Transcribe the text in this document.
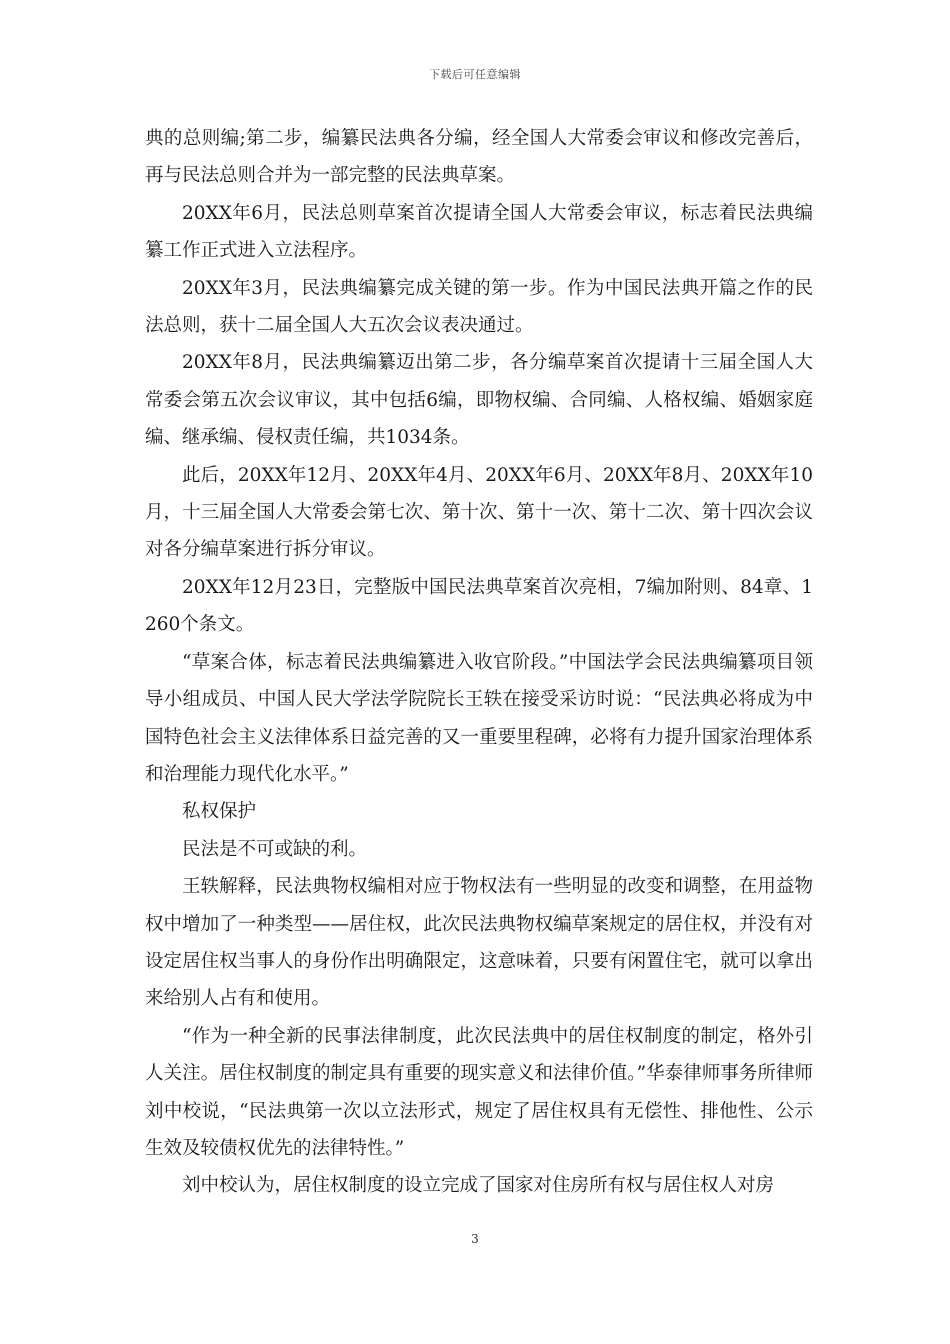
下载后可任意编辑

典的总则编;第二步，编纂民法典各分编，经全国人大常委会审议和修改完善后，再与民法总则合并为一部完整的民法典草案。

20XX年6月，民法总则草案首次提请全国人大常委会审议，标志着民法典编纂工作正式进入立法程序。

20XX年3月，民法典编纂完成关键的第一步。作为中国民法典开篇之作的民法总则，获十二届全国人大五次会议表决通过。

20XX年8月，民法典编纂迈出第二步，各分编草案首次提请十三届全国人大常委会第五次会议审议，其中包括6编，即物权编、合同编、人格权编、婚姻家庭编、继承编、侵权责任编，共1034条。

此后，20XX年12月、20XX年4月、20XX年6月、20XX年8月、20XX年10月，十三届全国人大常委会第七次、第十次、第十一次、第十二次、第十四次会议对各分编草案进行拆分审议。

20XX年12月23日，完整版中国民法典草案首次亮相，7编加附则、84章、1260个条文。

“草案合体，标志着民法典编纂进入收官阶段。”中国法学会民法典编纂项目领导小组成员、中国人民大学法学院院长王轶在接受采访时说：“民法典必将成为中国特色社会主义法律体系日益完善的又一重要里程碑，必将有力提升国家治理体系和治理能力现代化水平。”

私权保护

民法是不可或缺的利。

王轶解释，民法典物权编相对应于物权法有一些明显的改变和调整，在用益物权中增加了一种类型——居住权，此次民法典物权编草案规定的居住权，并没有对设定居住权当事人的身份作出明确限定，这意味着，只要有闲置住宅，就可以拿出来给别人占有和使用。

“作为一种全新的民事法律制度，此次民法典中的居住权制度的制定，格外引人关注。居住权制度的制定具有重要的现实意义和法律价值。”华泰律师事务所律师刘中校说，“民法典第一次以立法形式，规定了居住权具有无偿性、排他性、公示生效及较债权优先的法律特性。”

刘中校认为，居住权制度的设立完成了国家对住房所有权与居住权人对房

3
